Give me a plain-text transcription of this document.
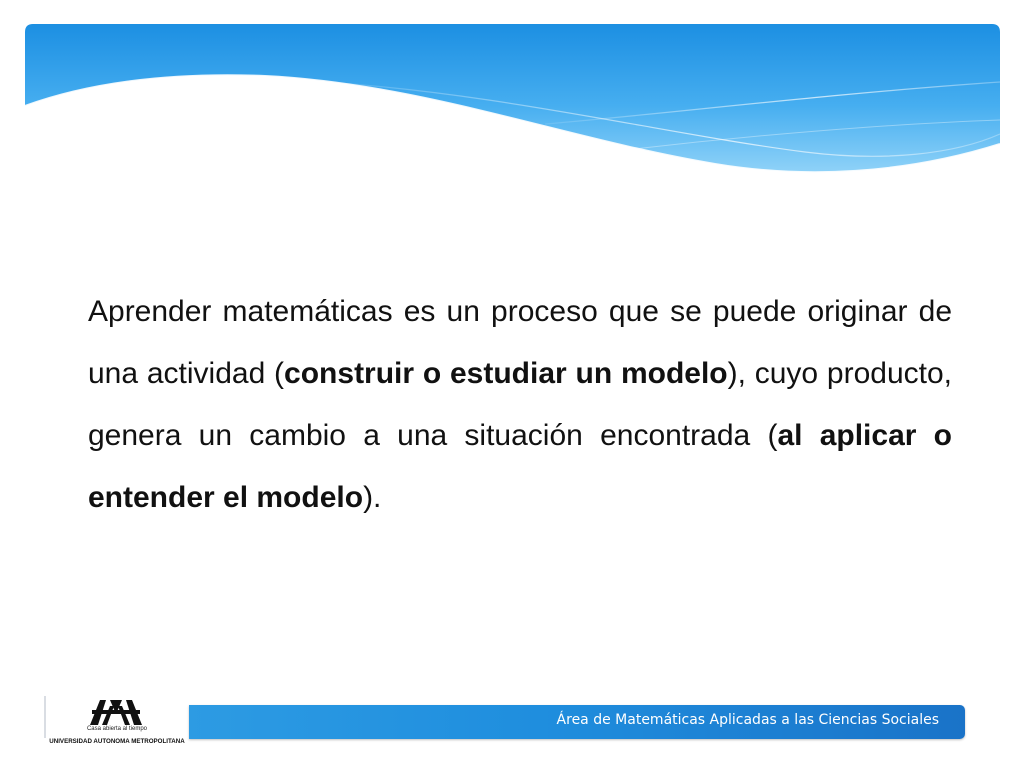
Aprender matemáticas es un proceso que se puede originar de una actividad (construir o estudiar un modelo), cuyo producto, genera un cambio a una situación encontrada (al aplicar o entender el modelo).

Casa abierta al tiempo
UNIVERSIDAD AUTONOMA METROPOLITANA
Área de Matemáticas Aplicadas a las Ciencias Sociales
